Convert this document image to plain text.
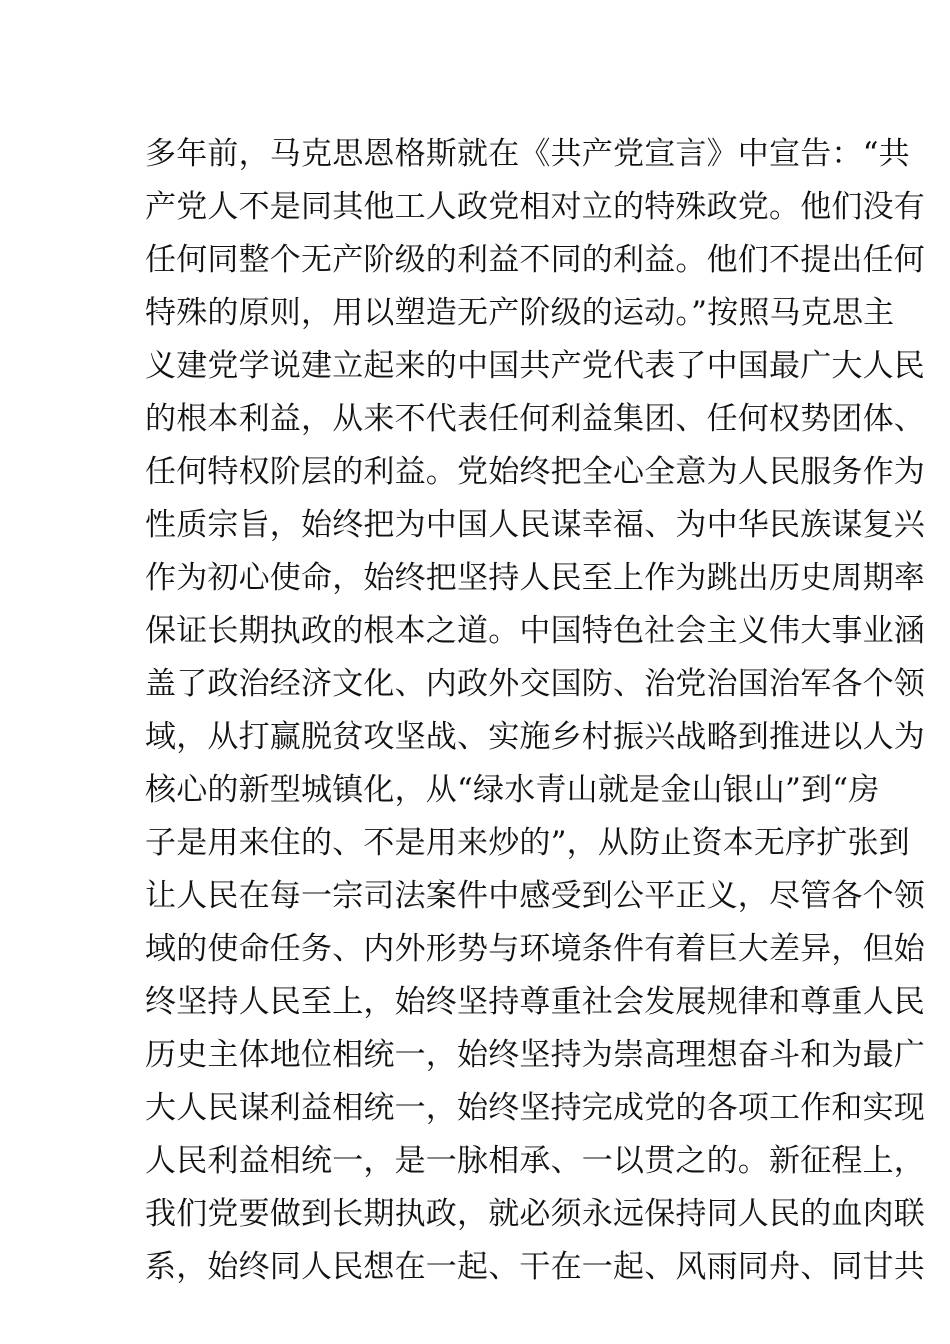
多年前，马克思恩格斯就在《共产党宣言》中宣告：“共
产党人不是同其他工人政党相对立的特殊政党。他们没有
任何同整个无产阶级的利益不同的利益。他们不提出任何
特殊的原则，用以塑造无产阶级的运动。”按照马克思主
义建党学说建立起来的中国共产党代表了中国最广大人民
的根本利益，从来不代表任何利益集团、任何权势团体、
任何特权阶层的利益。党始终把全心全意为人民服务作为
性质宗旨，始终把为中国人民谋幸福、为中华民族谋复兴
作为初心使命，始终把坚持人民至上作为跳出历史周期率
保证长期执政的根本之道。中国特色社会主义伟大事业涵
盖了政治经济文化、内政外交国防、治党治国治军各个领
域，从打赢脱贫攻坚战、实施乡村振兴战略到推进以人为
核心的新型城镇化，从“绿水青山就是金山银山”到“房
子是用来住的、不是用来炒的”，从防止资本无序扩张到
让人民在每一宗司法案件中感受到公平正义，尽管各个领
域的使命任务、内外形势与环境条件有着巨大差异，但始
终坚持人民至上，始终坚持尊重社会发展规律和尊重人民
历史主体地位相统一，始终坚持为崇高理想奋斗和为最广
大人民谋利益相统一，始终坚持完成党的各项工作和实现
人民利益相统一，是一脉相承、一以贯之的。新征程上，
我们党要做到长期执政，就必须永远保持同人民的血肉联
系，始终同人民想在一起、干在一起、风雨同舟、同甘共
